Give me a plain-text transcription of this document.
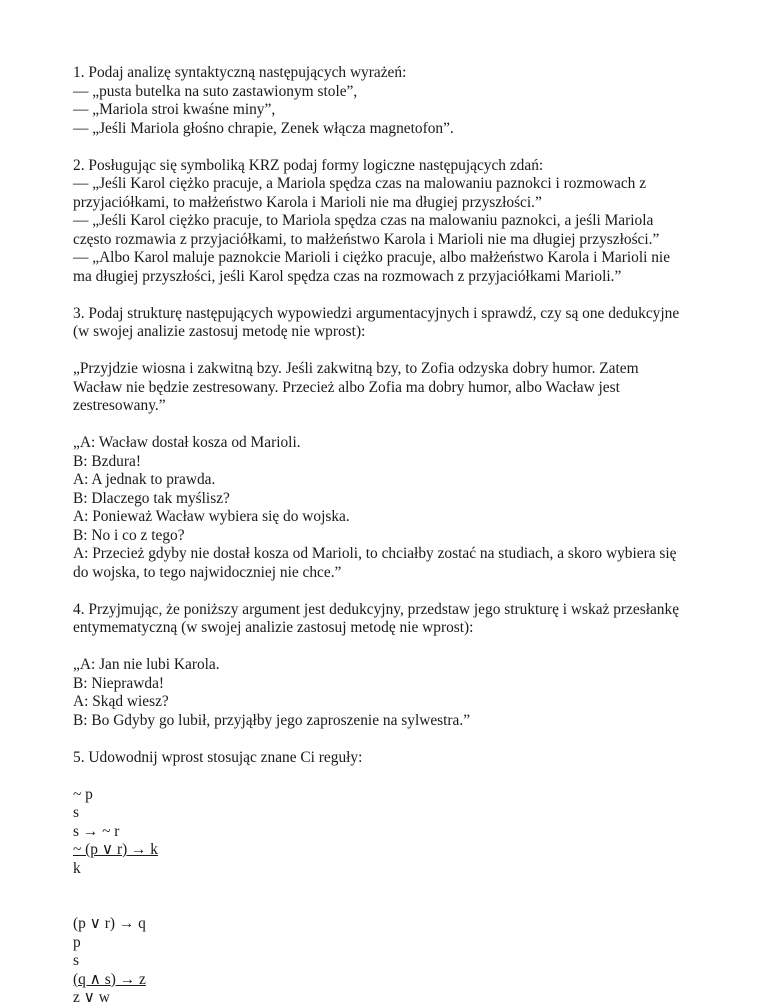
1. Podaj analizę syntaktyczną następujących wyrażeń:
— „pusta butelka na suto zastawionym stole”,
— „Mariola stroi kwaśne miny”,
— „Jeśli Mariola głośno chrapie, Zenek włącza magnetofon”.
2. Posługując się symboliką KRZ podaj formy logiczne następujących zdań:
— „Jeśli Karol ciężko pracuje, a Mariola spędza czas na malowaniu paznokci i rozmowach z
przyjaciółkami, to małżeństwo Karola i Marioli nie ma długiej przyszłości.”
— „Jeśli Karol ciężko pracuje, to Mariola spędza czas na malowaniu paznokci, a jeśli Mariola
często rozmawia z przyjaciółkami, to małżeństwo Karola i Marioli nie ma długiej przyszłości.”
— „Albo Karol maluje paznokcie Marioli i ciężko pracuje, albo małżeństwo Karola i Marioli nie
ma długiej przyszłości, jeśli Karol spędza czas na rozmowach z przyjaciółkami Marioli.”
3. Podaj strukturę następujących wypowiedzi argumentacyjnych i sprawdź, czy są one dedukcyjne
(w swojej analizie zastosuj metodę nie wprost):
„Przyjdzie wiosna i zakwitną bzy. Jeśli zakwitną bzy, to Zofia odzyska dobry humor. Zatem
Wacław nie będzie zestresowany. Przecież albo Zofia ma dobry humor, albo Wacław jest
zestresowany.”
„A: Wacław dostał kosza od Marioli.
B: Bzdura!
A: A jednak to prawda.
B: Dlaczego tak myślisz?
A: Ponieważ Wacław wybiera się do wojska.
B: No i co z tego?
A: Przecież gdyby nie dostał kosza od Marioli, to chciałby zostać na studiach, a skoro wybiera się
do wojska, to tego najwidoczniej nie chce.”
4. Przyjmując, że poniższy argument jest dedukcyjny, przedstaw jego strukturę i wskaż przesłankę
entymematyczną (w swojej analizie zastosuj metodę nie wprost):
„A: Jan nie lubi Karola.
B: Nieprawda!
A: Skąd wiesz?
B: Bo Gdyby go lubił, przyjąłby jego zaproszenie na sylwestra.”
5. Udowodnij wprost stosując znane Ci reguły:
~ p
s
s → ~ r
~ (p ∨ r) → k
k
(p ∨ r) → q
p
s
(q ∧ s) → z
z ∨ w
